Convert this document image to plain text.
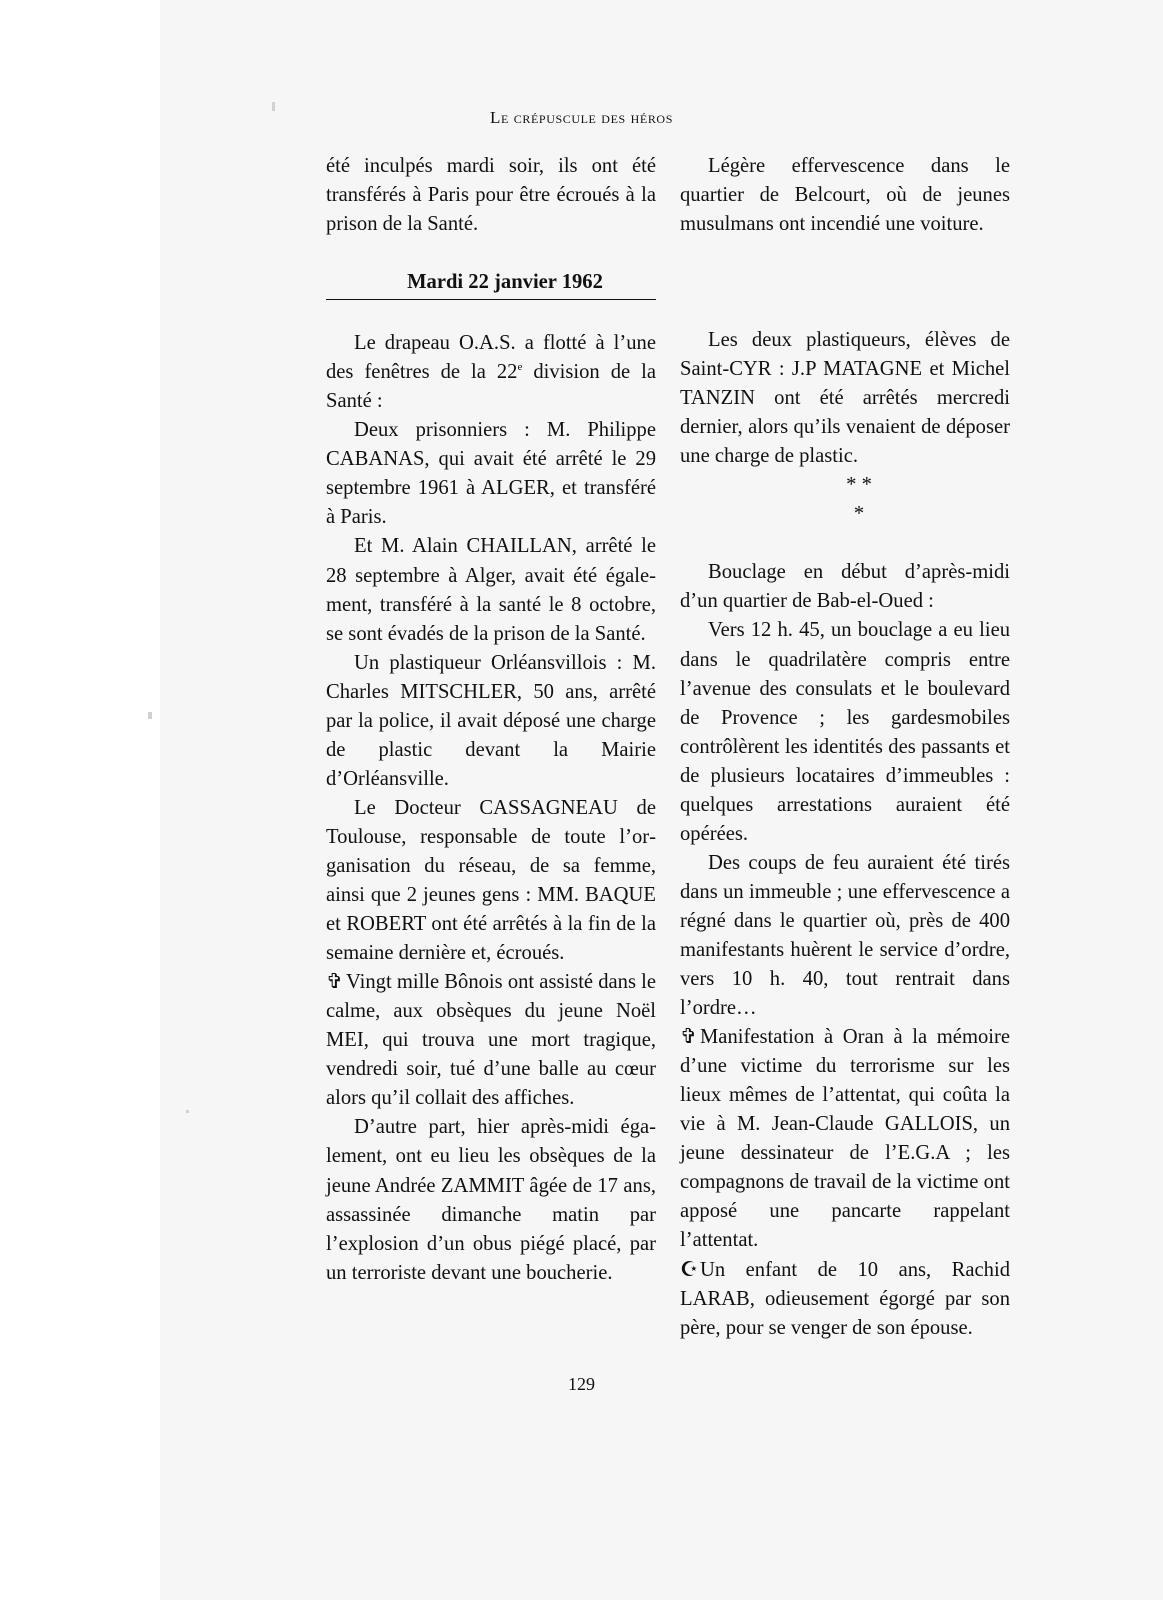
Le crépuscule des héros

été inculpés mardi soir, ils ont été transférés à Paris pour être écroués à la prison de la Santé.

Mardi 22 janvier 1962

Le drapeau O.A.S. a flotté à l’une des fenêtres de la 22e division de la Santé :

Deux prisonniers : M. Philippe CABANAS, qui avait été arrêté le 29 septembre 1961 à ALGER, et transféré à Paris.

Et M. Alain CHAILLAN, arrêté le 28 septembre à Alger, avait été également, transféré à la santé le 8 octobre, se sont évadés de la prison de la Santé.

Un plastiqueur Orléansvillois : M. Charles MITSCHLER, 50 ans, arrêté par la police, il avait déposé une charge de plastic devant la Mairie d’Orléansville.

Le Docteur CASSAGNEAU de Toulouse, responsable de toute l’organisation du réseau, de sa femme, ainsi que 2 jeunes gens : MM. BAQUE et ROBERT ont été arrêtés à la fin de la semaine dernière et, écroués.

✞ Vingt mille Bônois ont assisté dans le calme, aux obsèques du jeune Noël MEI, qui trouva une mort tragique, vendredi soir, tué d’une balle au cœur alors qu’il collait des affiches.

D’autre part, hier après-midi également, ont eu lieu les obsèques de la jeune Andrée ZAMMIT âgée de 17 ans, assassinée dimanche matin par l’explosion d’un obus piégé placé, par un terroriste devant une boucherie.

Légère effervescence dans le quartier de Belcourt, où de jeunes musulmans ont incendié une voiture.

Les deux plastiqueurs, élèves de Saint-CYR : J.P MATAGNE et Michel TANZIN ont été arrêtés mercredi dernier, alors qu’ils venaient de déposer une charge de plastic.

* *

*

Bouclage en début d’après-midi d’un quartier de Bab-el-Oued :

Vers 12 h. 45, un bouclage a eu lieu dans le quadrilatère compris entre l’avenue des consulats et le boulevard de Provence ; les gardesmobiles contrôlèrent les identités des passants et de plusieurs locataires d’immeubles : quelques arrestations auraient été opérées.

Des coups de feu auraient été tirés dans un immeuble ; une effervescence a régné dans le quartier où, près de 400 manifestants huèrent le service d’ordre, vers 10 h. 40, tout rentrait dans l’ordre…

✞ Manifestation à Oran à la mémoire d’une victime du terrorisme sur les lieux mêmes de l’attentat, qui coûta la vie à M. Jean-Claude GALLOIS, un jeune dessinateur de l’E.G.A ; les compagnons de travail de la victime ont apposé une pancarte rappelant l’attentat.

☪Un enfant de 10 ans, Rachid LARAB, odieusement égorgé par son père, pour se venger de son épouse.

129
